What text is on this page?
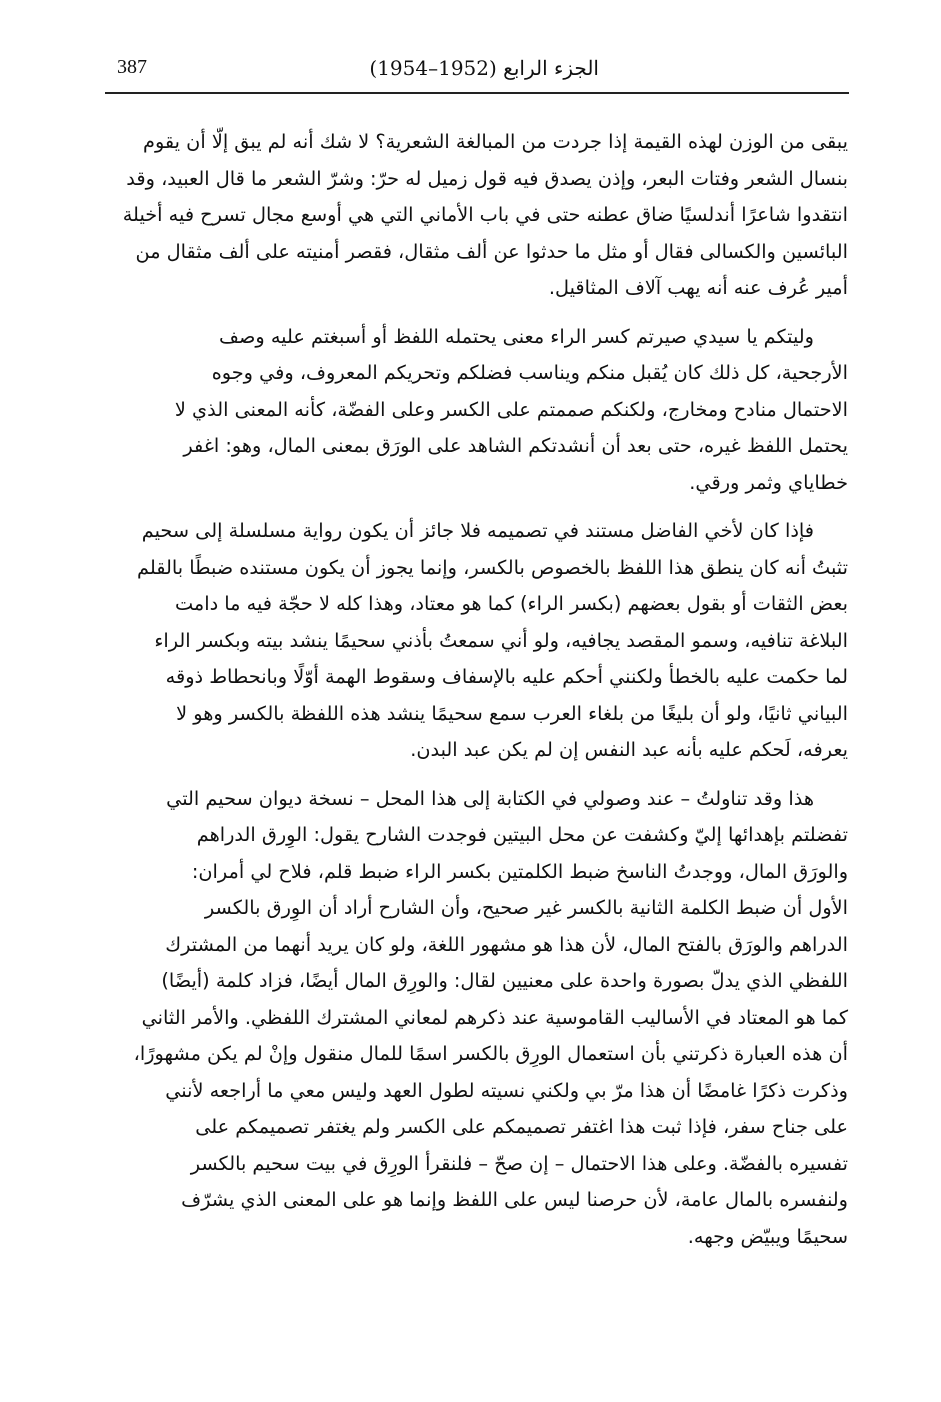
387	الجزء الرابع (1952–1954)

يبقى من الوزن لهذه القيمة إذا جردت من المبالغة الشعرية؟ لا شك أنه لم يبق إلّا أن يقوم
بنسال الشعر وفتات البعر، وإذن يصدق فيه قول زميل له حرّ: وشرّ الشعر ما قال العبيد، وقد
انتقدوا شاعرًا أندلسيًا ضاق عطنه حتى في باب الأماني التي هي أوسع مجال تسرح فيه أخيلة
البائسين والكسالى فقال أو مثل ما حدثوا عن ألف مثقال، فقصر أمنيته على ألف مثقال من
أمير عُرف عنه أنه يهب آلاف المثاقيل.

وليتكم يا سيدي صيرتم كسر الراء معنى يحتمله اللفظ أو أسبغتم عليه وصف
الأرجحية، كل ذلك كان يُقبل منكم ويناسب فضلكم وتحريكم المعروف، وفي وجوه
الاحتمال منادح ومخارج، ولكنكم صممتم على الكسر وعلى الفضّة، كأنه المعنى الذي لا
يحتمل اللفظ غيره، حتى بعد أن أنشدتكم الشاهد على الورَق بمعنى المال، وهو: اغفر
خطاياي وثمر ورقي.

فإذا كان لأخي الفاضل مستند في تصميمه فلا جائز أن يكون رواية مسلسلة إلى سحيم
تثبتُ أنه كان ينطق هذا اللفظ بالخصوص بالكسر، وإنما يجوز أن يكون مستنده ضبطًا بالقلم
بعض الثقات أو بقول بعضهم (بكسر الراء) كما هو معتاد، وهذا كله لا حجّة فيه ما دامت
البلاغة تنافيه، وسمو المقصد يجافيه، ولو أني سمعتُ بأذني سحيمًا ينشد بيته وبكسر الراء
لما حكمت عليه بالخطأ ولكنني أحكم عليه بالإسفاف وسقوط الهمة أوّلًا وبانحطاط ذوقه
البياني ثانيًا، ولو أن بليغًا من بلغاء العرب سمع سحيمًا ينشد هذه اللفظة بالكسر وهو لا
يعرفه، لَحكم عليه بأنه عبد النفس إن لم يكن عبد البدن.

هذا وقد تناولتُ – عند وصولي في الكتابة إلى هذا المحل – نسخة ديوان سحيم التي
تفضلتم بإهدائها إليّ وكشفت عن محل البيتين فوجدت الشارح يقول: الوِرق الدراهم
والورَق المال، ووجدتُ الناسخ ضبط الكلمتين بكسر الراء ضبط قلم، فلاح لي أمران:
الأول أن ضبط الكلمة الثانية بالكسر غير صحيح، وأن الشارح أراد أن الوِرق بالكسر
الدراهم والورَق بالفتح المال، لأن هذا هو مشهور اللغة، ولو كان يريد أنهما من المشترك
اللفظي الذي يدلّ بصورة واحدة على معنيين لقال: والورِق المال أيضًا، فزاد كلمة (أيضًا)
كما هو المعتاد في الأساليب القاموسية عند ذكرهم لمعاني المشترك اللفظي. والأمر الثاني
أن هذه العبارة ذكرتني بأن استعمال الورِق بالكسر اسمًا للمال منقول وإنْ لم يكن مشهورًا،
وذكرت ذكرًا غامضًا أن هذا مرّ بي ولكني نسيته لطول العهد وليس معي ما أراجعه لأنني
على جناح سفر، فإذا ثبت هذا اغتفر تصميمكم على الكسر ولم يغتفر تصميمكم على
تفسيره بالفضّة. وعلى هذا الاحتمال – إن صحّ – فلنقرأ الورِق في بيت سحيم بالكسر
ولنفسره بالمال عامة، لأن حرصنا ليس على اللفظ وإنما هو على المعنى الذي يشرّف
سحيمًا ويبيّض وجهه.
